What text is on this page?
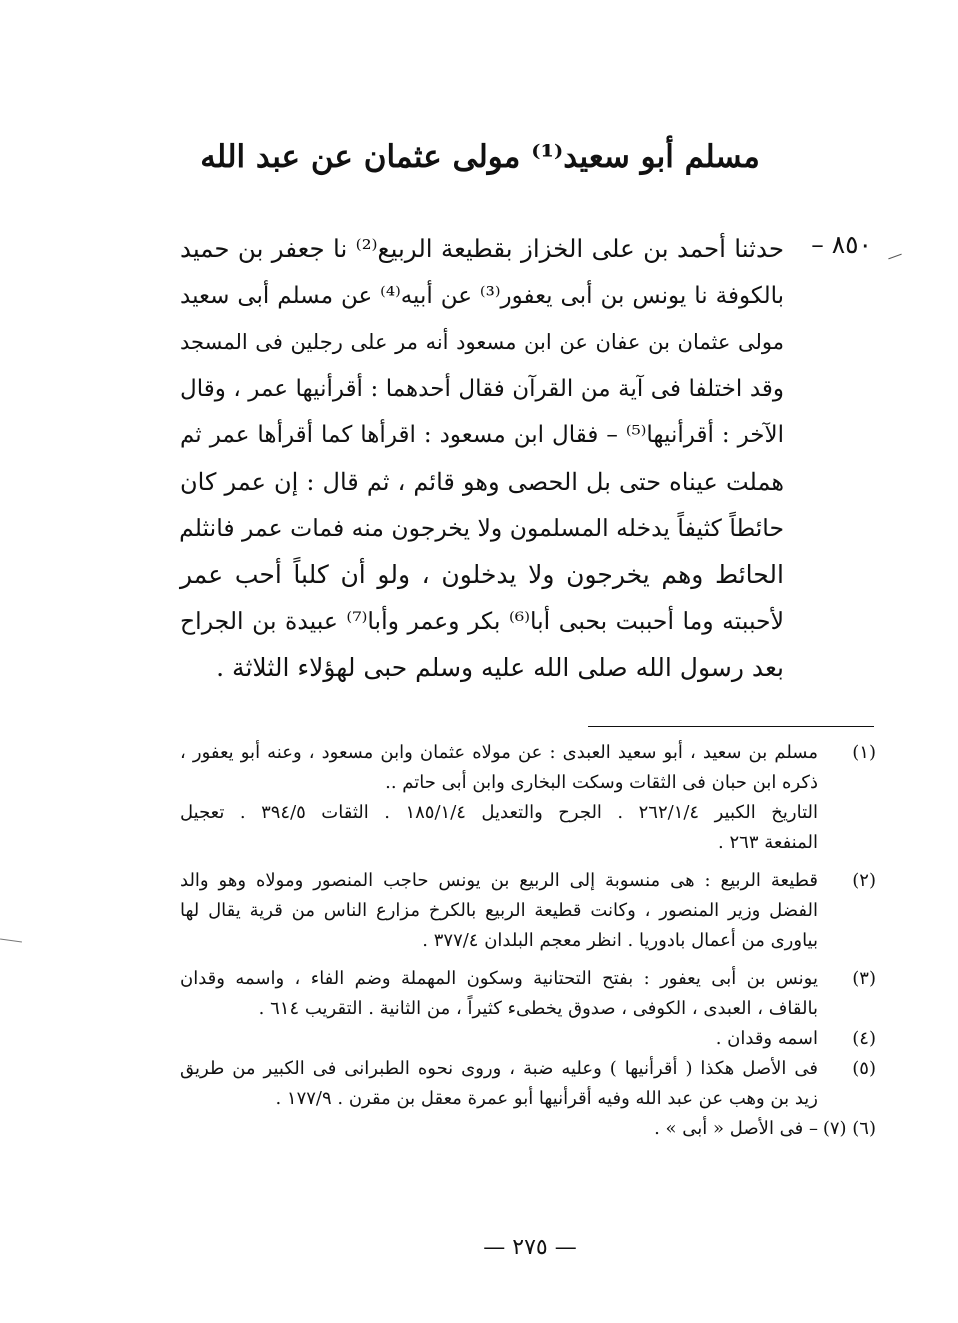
مسلم أبو سعيد⁽¹⁾ مولى عثمان عن عبد الله
٨٥٠ –
حدثنا أحمد بن على الخزاز بقطيعة الربيع⁽²⁾ نا جعفر بن حميد
بالكوفة نا يونس بن أبى يعفور⁽³⁾ عن أبيه⁽⁴⁾ عن مسلم أبى سعيد
مولى عثمان بن عفان عن ابن مسعود أنه مر على رجلين فى المسجد
وقد اختلفا فى آية من القرآن فقال أحدهما : أقرأنيها عمر ، وقال
الآخر : أقرأنيها⁽⁵⁾ – فقال ابن مسعود : اقرأها كما أقرأها عمر ثم
هملت عيناه حتى بل الحصى وهو قائم ، ثم قال : إن عمر كان
حائطاً كثيفاً يدخله المسلمون ولا يخرجون منه فمات عمر فانثلم
الحائط وهم يخرجون ولا يدخلون ، ولو أن كلباً أحب عمر
لأحببته وما أحببت بحبى أبا⁽⁶⁾ بكر وعمر وأبا⁽⁷⁾ عبيدة بن الجراح
بعد رسول الله صلى الله عليه وسلم حبى لهؤلاء الثلاثة .
(١)
مسلم بن سعيد ، أبو سعيد العبدى : عن مولاه عثمان وابن مسعود ، وعنه أبو يعفور ،
ذكره ابن حبان فى الثقات وسكت البخارى وابن أبى حاتم ..
التاريخ الكبير ٢٦٢/١/٤ . الجرح والتعديل ١٨٥/١/٤ . الثقات ٣٩٤/٥ . تعجيل
المنفعة ٢٦٣ .
(٢)
قطيعة الربيع : هى منسوبة إلى الربيع بن يونس حاجب المنصور ومولاه وهو والد
الفضل وزير المنصور ، وكانت قطيعة الربيع بالكرخ مزارع الناس من قرية يقال لها
بياورى من أعمال بادوريا . انظر معجم البلدان ٣٧٧/٤ .
(٣)
يونس بن أبى يعفور : بفتح التحتانية وسكون المهملة وضم الفاء ، واسمه وقدان
بالقاف ، العبدى ، الكوفى ، صدوق يخطىء كثيراً ، من الثانية . التقريب ٦١٤ .
(٤)
اسمه وقدان .
(٥)
فى الأصل هكذا ( أقرأنيها ) وعليه ضبة ، وروى نحوه الطبرانى فى الكبير من طريق
زيد بن وهب عن عبد الله وفيه أقرأنيها أبو عمرة معقل بن مقرن . ١٧٧/٩ .
(٦) (٧)
– فى الأصل « أبى » .
— ٢٧٥ —
